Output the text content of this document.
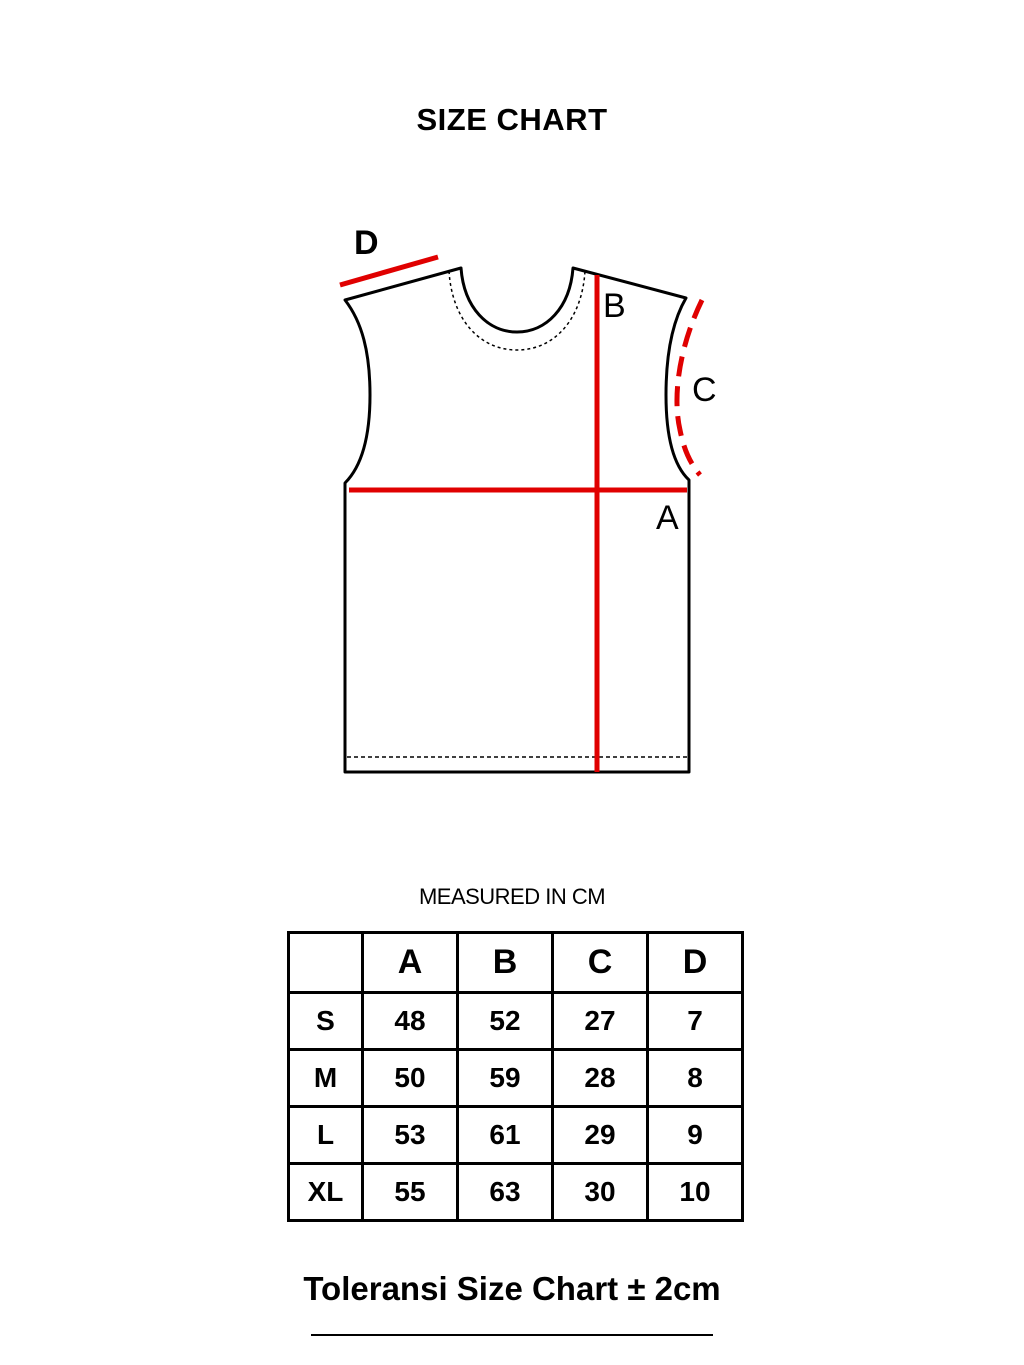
SIZE CHART
D
B
C
A
MEASURED IN CM
	A	B	C	D
S	48	52	27	7
M	50	59	28	8
L	53	61	29	9
XL	55	63	30	10
Toleransi Size Chart ± 2cm
